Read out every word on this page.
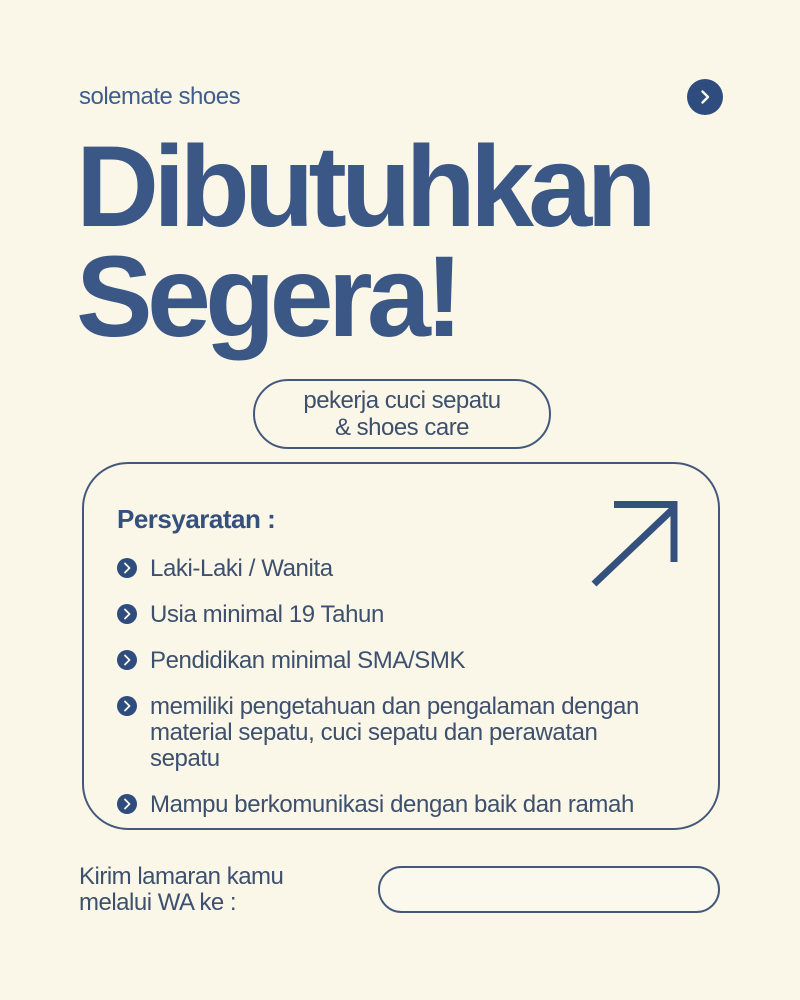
solemate shoes
Dibutuhkan
Segera!
pekerja cuci sepatu
& shoes care
Persyaratan :
Laki-Laki / Wanita
Usia minimal 19 Tahun
Pendidikan minimal SMA/SMK
memiliki pengetahuan dan pengalaman dengan material sepatu, cuci sepatu dan perawatan sepatu
Mampu berkomunikasi dengan baik dan ramah
Kirim lamaran kamu
melalui WA ke :
